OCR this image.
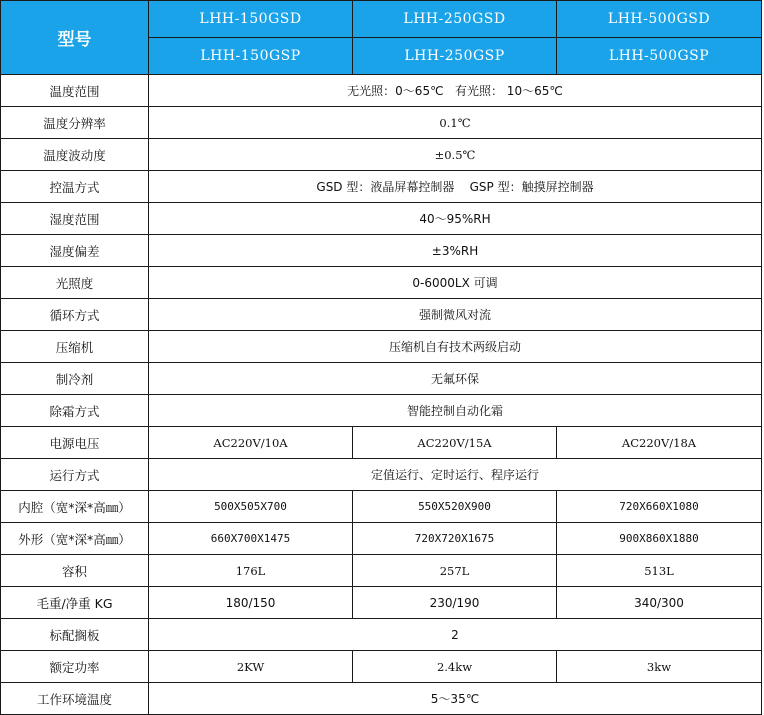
型号	LHH-150GSD	LHH-250GSD	LHH-500GSD
	LHH-150GSP	LHH-250GSP	LHH-500GSP
温度范围	无光照：0～65℃   有光照： 10～65℃		
温度分辨率	0.1℃		
温度波动度	±0.5℃		
控温方式	GSD 型：液晶屏幕控制器    GSP 型：触摸屏控制器		
湿度范围	40～95%RH		
湿度偏差	±3%RH		
光照度	0-6000LX 可调		
循环方式	强制微风对流		
压缩机	压缩机自有技术两级启动		
制冷剂	无氟环保		
除霜方式	智能控制自动化霜		
电源电压	AC220V/10A	AC220V/15A	AC220V/18A
运行方式	定值运行、定时运行、程序运行		
内腔（宽*深*高㎜）	500X505X700	550X520X900	720X660X1080
外形（宽*深*高㎜）	660X700X1475	720X720X1675	900X860X1880
容积	176L	257L	513L
毛重/净重 KG	180/150	230/190	340/300
标配搁板	2		
额定功率	2KW	2.4kw	3kw
工作环境温度	5～35℃		
